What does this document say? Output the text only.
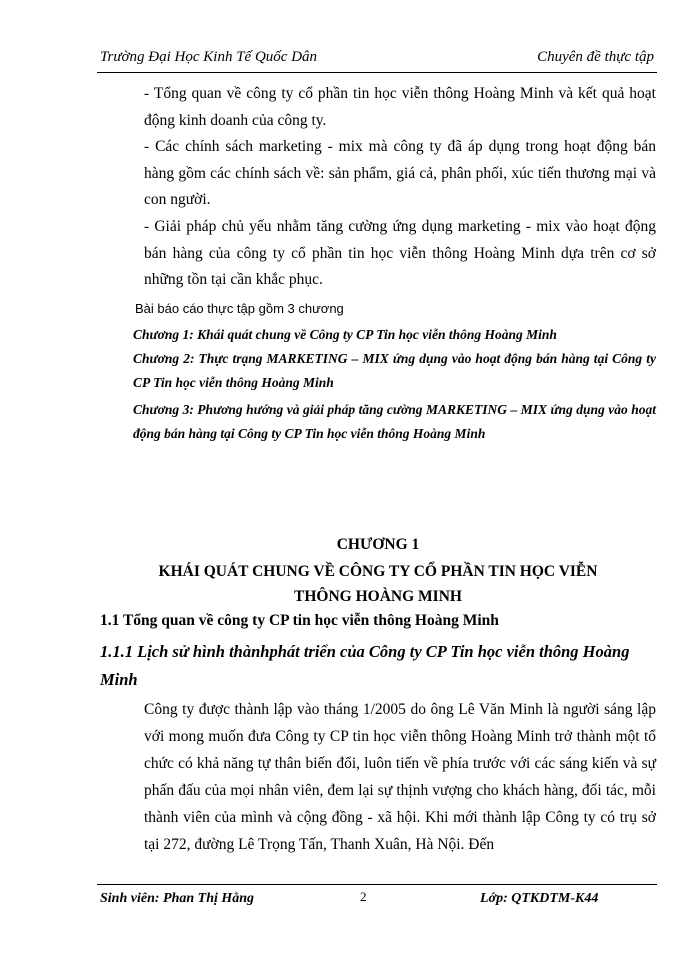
Trường Đại Học Kinh Tế Quốc Dân	Chuyên đề thực tập
- Tổng quan về công ty cổ phần tin học viễn thông Hoàng Minh và kết quả hoạt động kinh doanh của công ty.
- Các chính sách marketing - mix mà công ty đã áp dụng trong hoạt động bán hàng gồm các chính sách về: sản phẩm, giá cả, phân phối, xúc tiến thương mại và con người.
- Giải pháp chủ yếu nhằm tăng cường ứng dụng marketing - mix vào hoạt động bán hàng của công ty cổ phần tin học viễn thông Hoàng Minh dựa trên cơ sở những tồn tại cần khắc phục.
Bài báo cáo thực tập gồm 3 chương
Chương 1: Khái quát chung về Công ty CP Tin học viễn thông Hoàng Minh
Chương 2: Thực trạng MARKETING – MIX ứng dụng vào hoạt động bán hàng tại Công ty CP Tin học viễn thông Hoàng Minh
Chương 3: Phương hướng và giải pháp tăng cường MARKETING – MIX ứng dụng vào hoạt động bán hàng tại Công ty CP Tin học viễn thông Hoàng Minh
CHƯƠNG 1
KHÁI QUÁT CHUNG VỀ CÔNG TY CỔ PHẦN TIN HỌC VIỄN
THÔNG HOÀNG MINH
1.1 Tổng quan về công ty CP tin học viễn thông Hoàng Minh
1.1.1 Lịch sử hình thànhphát triển của Công ty CP Tin học viễn thông Hoàng Minh
Công ty được thành lập vào tháng 1/2005 do ông Lê Văn Minh là người sáng lập với mong muốn đưa Công ty CP tin học viễn thông Hoàng Minh trở thành một tổ chức có khả năng tự thân biến đổi, luôn tiến về phía trước với các sáng kiến và sự phấn đấu của mọi nhân viên, đem lại sự thịnh vượng cho khách hàng, đối tác, mỗi thành viên của mình và cộng đồng - xã hội. Khi mới thành lập Công ty có trụ sở tại 272, đường Lê Trọng Tấn, Thanh Xuân, Hà Nội. Đến
Sinh viên: Phan Thị Hằng	2	Lớp: QTKDTM-K44
